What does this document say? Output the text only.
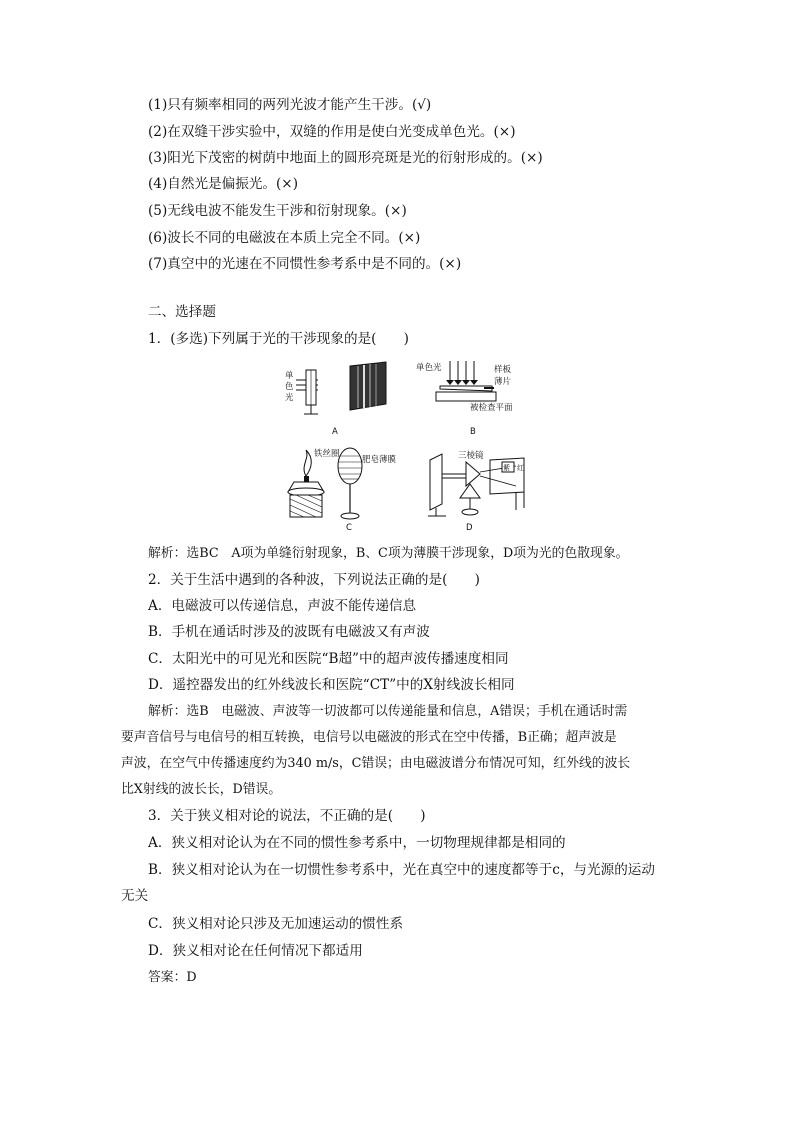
(1)只有频率相同的两列光波才能产生干涉。(√)
(2)在双缝干涉实验中，双缝的作用是使白光变成单色光。(×)
(3)阳光下茂密的树荫中地面上的圆形亮斑是光的衍射形成的。(×)
(4)自然光是偏振光。(×)
(5)无线电波不能发生干涉和衍射现象。(×)
(6)波长不同的电磁波在本质上完全不同。(×)
(7)真空中的光速在不同惯性参考系中是不同的。(×)
二、选择题
1．(多选)下列属于光的干涉现象的是(　　)
单
色
光
A
单色光	样板
薄片
被检查平面
B
铁丝圈
肥皂薄膜
C
三棱镜
紫 红
D
解析：选BC　A项为单缝衍射现象，B、C项为薄膜干涉现象，D项为光的色散现象。
2．关于生活中遇到的各种波，下列说法正确的是(　　)
A．电磁波可以传递信息，声波不能传递信息
B．手机在通话时涉及的波既有电磁波又有声波
C．太阳光中的可见光和医院“B超”中的超声波传播速度相同
D．遥控器发出的红外线波长和医院“CT”中的X射线波长相同
解析：选B　电磁波、声波等一切波都可以传递能量和信息，A错误；手机在通话时需
要声音信号与电信号的相互转换，电信号以电磁波的形式在空中传播，B正确；超声波是
声波，在空气中传播速度约为340 m/s，C错误；由电磁波谱分布情况可知，红外线的波长
比X射线的波长长，D错误。
3．关于狭义相对论的说法，不正确的是(　　)
A．狭义相对论认为在不同的惯性参考系中，一切物理规律都是相同的
B．狭义相对论认为在一切惯性参考系中，光在真空中的速度都等于c，与光源的运动
无关
C．狭义相对论只涉及无加速运动的惯性系
D．狭义相对论在任何情况下都适用
答案：D
